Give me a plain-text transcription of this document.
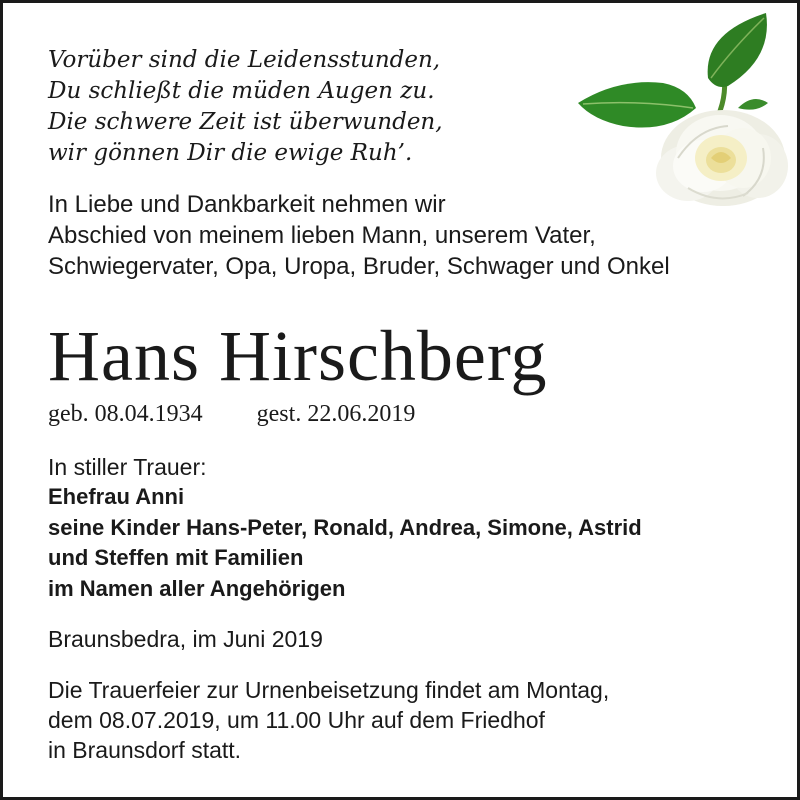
Vorüber sind die Leidensstunden,
Du schließt die müden Augen zu.
Die schwere Zeit ist überwunden,
wir gönnen Dir die ewige Ruh’.
In Liebe und Dankbarkeit nehmen wir
Abschied von meinem lieben Mann, unserem Vater,
Schwiegervater, Opa, Uropa, Bruder, Schwager und Onkel
Hans Hirschberg
geb. 08.04.1934 gest. 22.06.2019
In stiller Trauer:
Ehefrau Anni
seine Kinder Hans-Peter, Ronald, Andrea, Simone, Astrid
und Steffen mit Familien
im Namen aller Angehörigen
Braunsbedra, im Juni 2019
Die Trauerfeier zur Urnenbeisetzung findet am Montag,
dem 08.07.2019, um 11.00 Uhr auf dem Friedhof
in Braunsdorf statt.
